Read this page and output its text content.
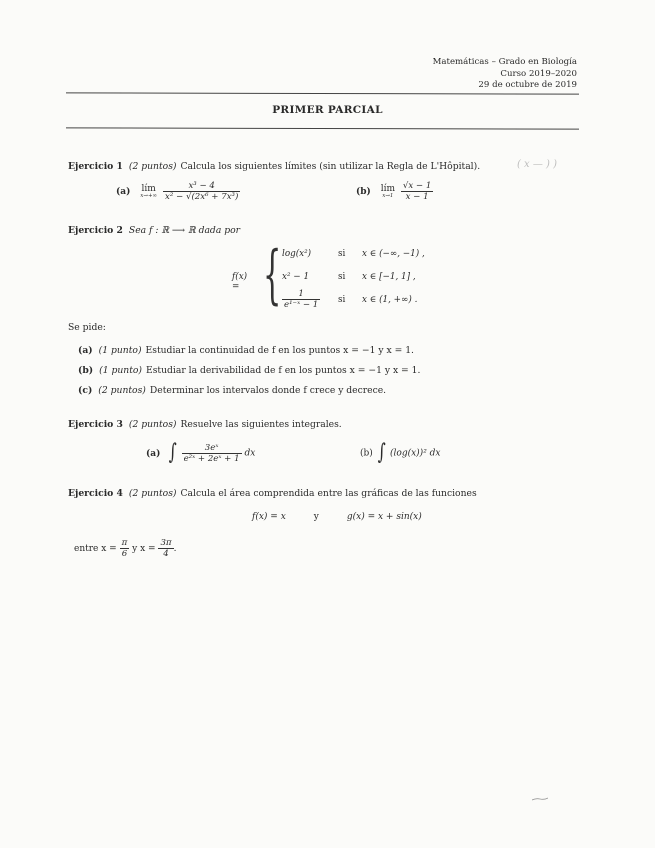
Matemáticas – Grado en Biología
Curso 2019–2020
29 de octubre de 2019
PRIMER PARCIAL
( x — ) )
Ejercicio 1 (2 puntos) Calcula los siguientes límites (sin utilizar la Regla de L'Hôpital).
(a) lím
x→+∞
$\frac{\text{x³ − 4}}{\text{x² − √(2x⁶ + 7x³)}}$	(b) lím
x→1
$\frac{√x - 1}{x - 1}$
Ejercicio 2 Sea f : ℝ ⟶ ℝ dada por
f(x) = { log(x²)	si x ∈ (−∞, −1) ,
x² − 1	si x ∈ [−1, 1] ,
$\frac{1}{\text{e¹⁻ˣ − 1}}$ si x ∈ (1, +∞) .
Se pide:
(a) (1 punto) Estudiar la continuidad de f en los puntos x = −1 y x = 1.
(b) (1 punto) Estudiar la derivabilidad de f en los puntos x = −1 y x = 1.
(c) (2 puntos) Determinar los intervalos donde f crece y decrece.
Ejercicio 3 (2 puntos) Resuelve las siguientes integrales.
(a) ∫ $\frac{\text{3eˣ}}{\text{e²ˣ + 2eˣ + 1}}$ dx	(b) ∫ (log(x))² dx
Ejercicio 4 (2 puntos) Calcula el área comprendida entre las gráficas de las funciones
f(x) = x	y	g(x) = x + sin(x)
entre $x = \frac{\pi}{6}$ y $x = \frac{3\pi}{4}$ .
